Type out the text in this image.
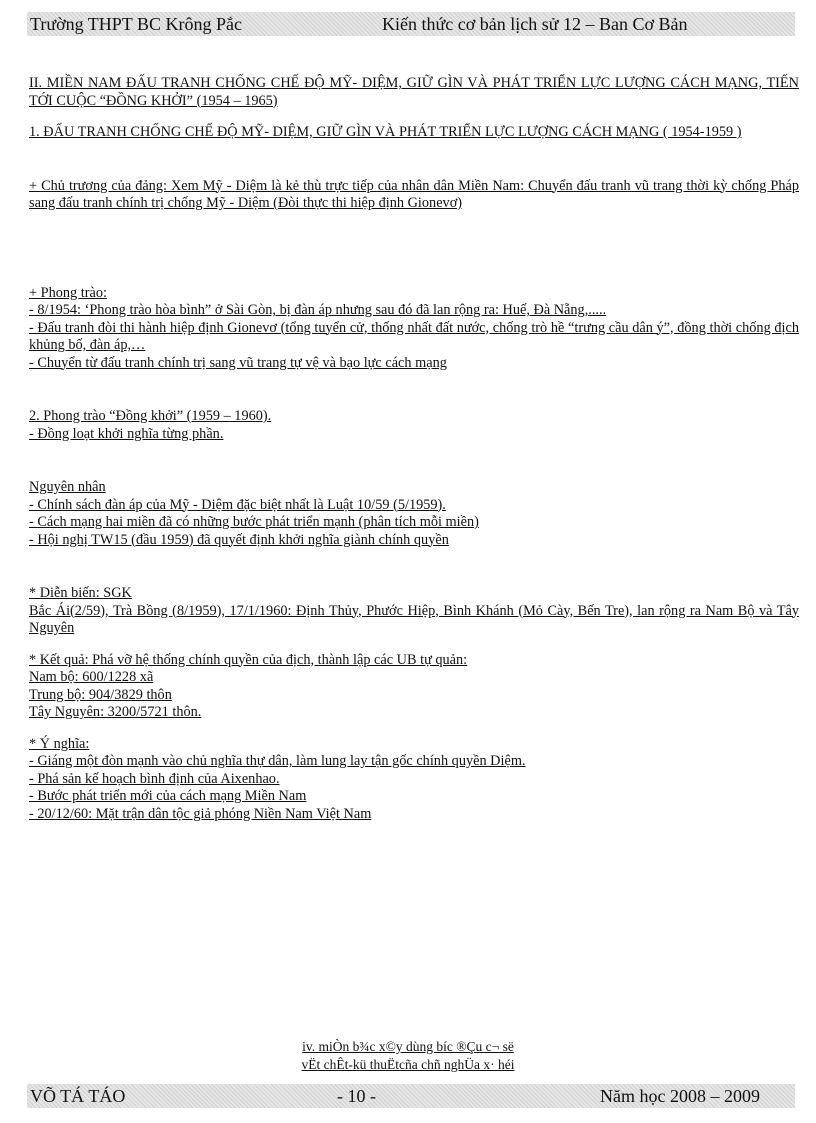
Trường THPT BC Krông Pắc	Kiến thức cơ bản lịch sử 12 – Ban Cơ Bản

II. MIỀN NAM ĐẤU TRANH CHỐNG CHẾ ĐỘ MỸ- DIỆM, GIỮ GÌN VÀ PHÁT TRIỂN LỰC LƯỢNG CÁCH MẠNG, TIẾN TỚI CUỘC “ĐỒNG KHỞI” (1954 – 1965)

1. ĐẤU TRANH CHỐNG CHẾ ĐỘ MỸ- DIỆM, GIỮ GÌN VÀ PHÁT TRIỂN LỰC LƯỢNG CÁCH MẠNG ( 1954-1959 )

+ Chủ trương của đảng: Xem Mỹ - Diệm là kẻ thù trực tiếp của nhân dân Miền Nam: Chuyển đấu tranh vũ trang thời kỳ chống Pháp sang đấu tranh chính trị chống Mỹ - Diệm (Đòi thực thi hiệp định Gionevơ)

+ Phong trào:

- 8/1954: ‘Phong trào hòa bình” ở Sài Gòn, bị đàn áp nhưng sau đó đã lan rộng ra: Huế, Đà Nẵng,.....

- Đấu tranh đòi thi hành hiệp định Gionevơ (tổng tuyển cử, thống nhất đất nước, chống trò hề “trưng cầu dân ý”, đồng thời chống địch khủng bố, đàn áp,…

- Chuyển từ đấu tranh chính trị sang vũ trang tự vệ và bạo lực cách mạng

2. Phong trào “Đồng khởi” (1959 – 1960).

- Đồng loạt khởi nghĩa từng phần.

Nguyên nhân

- Chính sách đàn áp của Mỹ - Diệm đặc biệt nhất là Luật 10/59 (5/1959).

- Cách mạng hai miền đã có những bước phát triển mạnh (phân tích mỗi miền)

- Hội nghị TW15 (đầu 1959) đã quyết định khởi nghĩa giành chính quyền

* Diễn biến: SGK

Bắc Ái(2/59), Trà Bồng (8/1959), 17/1/1960: Định Thủy, Phước Hiệp, Bình Khánh (Mỏ Cày, Bến Tre), lan rộng ra Nam Bộ và Tây Nguyên

* Kết quả: Phá vỡ hệ thống chính quyền của địch, thành lập các UB tự quản:

Nam bộ: 600/1228 xã

Trung bộ: 904/3829 thôn

Tây Nguyên: 3200/5721 thôn.

* Ý nghĩa:

- Giáng một đòn mạnh vào chủ nghĩa thự dân, làm lung lay tận gốc chính quyền Diệm.

- Phá sản kế hoạch bình định của Aixenhao.

- Bước phát triển mới của cách mạng Miền Nam

- 20/12/60: Mặt trận dân tộc giả phóng Niền Nam Việt Nam

iv. miÒn b¾c x©y dùng bíc ®Çu c¬ së

vËt chÊt-kü thuËtcña chñ nghÜa x· héi

VÕ TÁ TÁO	- 10 -	Năm học 2008 – 2009
